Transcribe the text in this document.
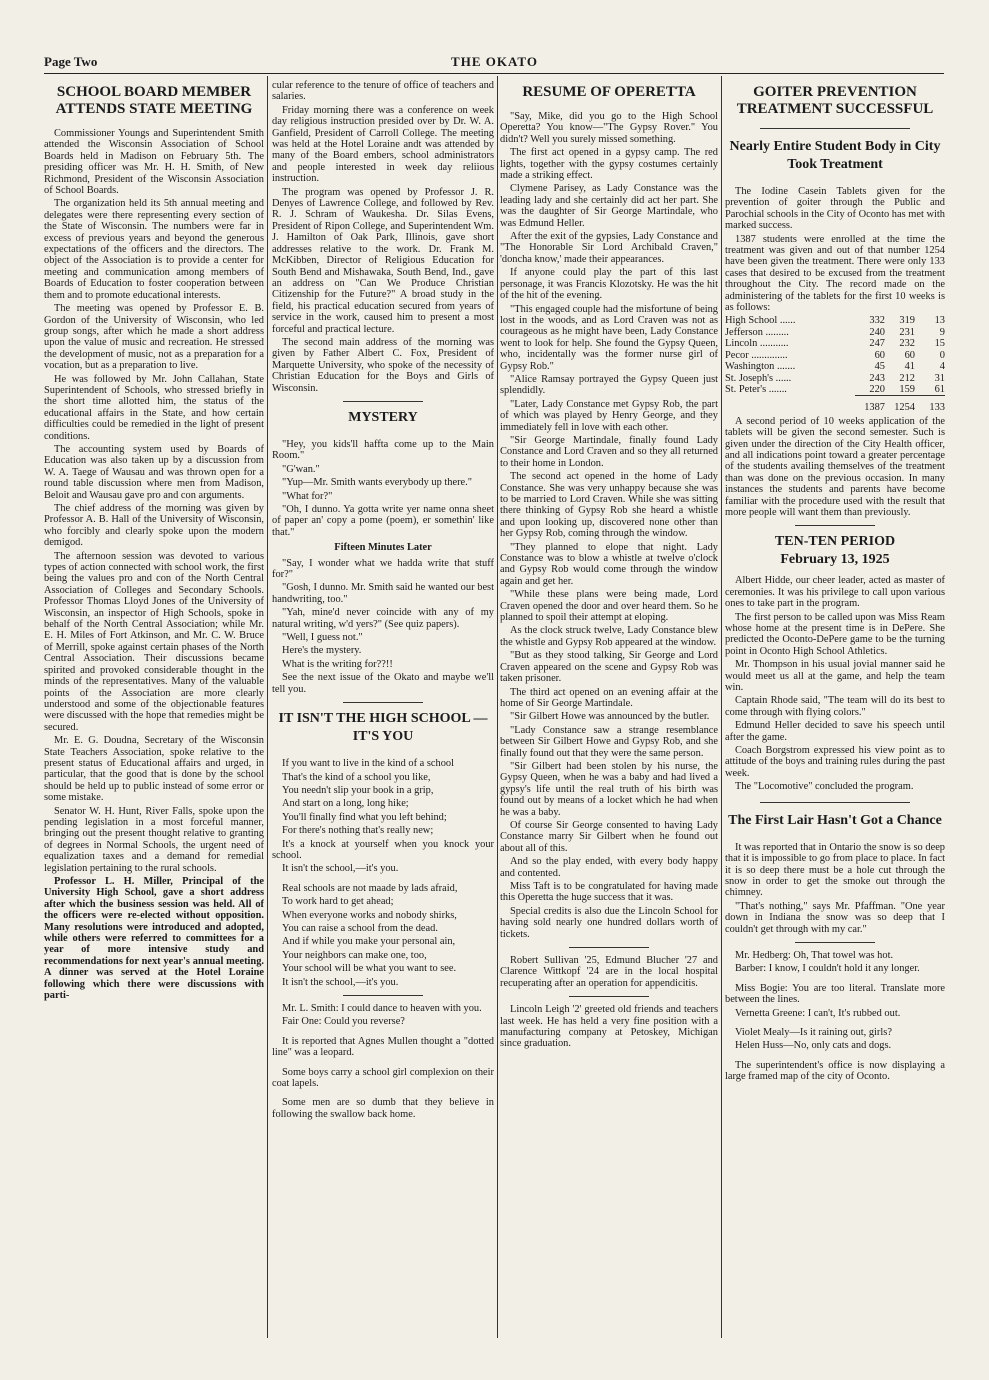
Page Two	THE OKATO
SCHOOL BOARD MEMBER ATTENDS STATE MEETING

Commissioner Youngs and Superintendent Smith attended the Wisconsin Association of School Boards held in Madison on February 5th. The presiding officer was Mr. H. H. Smith, of New Richmond, President of the Wisconsin Association of School Boards.

The organization held its 5th annual meeting and delegates were there representing every section of the State of Wisconsin. The numbers were far in excess of previous years and beyond the generous expectations of the officers and the directors. The object of the Association is to provide a center for meeting and communication among members of Boards of Education to foster cooperation between them and to promote educational interests.

The meeting was opened by Professor E. B. Gordon of the University of Wisconsin, who led group songs, after which he made a short address upon the value of music and recreation. He stressed the development of music, not as a preparation for a vocation, but as a preparation to live.

He was followed by Mr. John Callahan, State Superintendent of Schools, who stressed briefly in the short time allotted him, the status of the educational affairs in the State, and how certain difficulties could be remedied in the light of present conditions.

The accounting system used by Boards of Education was also taken up by a discussion from W. A. Taege of Wausau and was thrown open for a round table discussion where men from Madison, Beloit and Wausau gave pro and con arguments.

The chief address of the morning was given by Professor A. B. Hall of the University of Wisconsin, who forcibly and clearly spoke upon the modern demigod.

The afternoon session was devoted to various types of action connected with school work, the first being the values pro and con of the North Central Association of Colleges and Secondary Schools. Professor Thomas Lloyd Jones of the University of Wisconsin, an inspector of High Schools, spoke in behalf of the North Central Association; while Mr. E. H. Miles of Fort Atkinson, and Mr. C. W. Bruce of Merrill, spoke against certain phases of the North Central Association. Their discussions became spirited and provoked considerable thought in the minds of the representatives. Many of the valuable points of the Association are more clearly understood and some of the objectionable features were discussed with the hope that remedies might be secured.

Mr. E. G. Doudna, Secretary of the Wisconsin State Teachers Association, spoke relative to the present status of Educational affairs and urged, in particular, that the good that is done by the school should be held up to public instead of some error or some mistake.

Senator W. H. Hunt, River Falls, spoke upon the pending legislation in a most forceful manner, bringing out the present thought relative to granting of degrees in Normal Schools, the urgent need of equalization taxes and a demand for remedial legislation pertaining to the rural schools.

Professor L. H. Miller, Principal of the University High School, gave a short address after which the business session was held. All of the officers were re-elected without opposition. Many resolutions were introduced and adopted, while others were referred to committees for a year of more intensive study and recommendations for next year's annual meeting. A dinner was served at the Hotel Loraine following which there were discussions with parti-

cular reference to the tenure of office of teachers and salaries.

Friday morning there was a conference on week day religious instruction presided over by Dr. W. A. Ganfield, President of Carroll College. The meeting was held at the Hotel Loraine andt was attended by many of the Board embers, school administrators and people interested in week day reliious instruction.

The program was opened by Professor J. R. Denyes of Lawrence College, and followed by Rev. R. J. Schram of Waukesha. Dr. Silas Evens, President of Ripon College, and Superintendent Wm. J. Hamilton of Oak Park, Illinois, gave short addresses relative to the work. Dr. Frank M. McKibben, Director of Religious Education for South Bend and Mishawaka, South Bend, Ind., gave an address on "Can We Produce Christian Citizenship for the Future?" A broad study in the field, his practical education secured from years of service in the work, caused him to present a most forceful and practical lecture.

The second main address of the morning was given by Father Albert C. Fox, President of Marquette University, who spoke of the necessity of Christian Education for the Boys and Girls of Wisconsin.

MYSTERY

"Hey, you kids'll haffta come up to the Main Room."

"G'wan."

"Yup—Mr. Smith wants everybody up there."

"What for?"

"Oh, I dunno. Ya gotta write yer name onna sheet of paper an' copy a pome (poem), er somethin' like that."

Fifteen Minutes Later

"Say, I wonder what we hadda write that stuff for?"

"Gosh, I dunno. Mr. Smith said he wanted our best handwriting, too."

"Yah, mine'd never coincide with any of my natural writing, w'd yers?" (See quiz papers).

"Well, I guess not."

Here's the mystery.

What is the writing for??!!

See the next issue of the Okato and maybe we'll tell you.

IT ISN'T THE HIGH SCHOOL —IT'S YOU

If you want to live in the kind of a school

That's the kind of a school you like,

You needn't slip your book in a grip,

And start on a long, long hike;

You'll finally find what you left behind;

For there's nothing that's really new;

It's a knock at yourself when you knock your school.

It isn't the school,—it's you.

Real schools are not maade by lads afraid,

To work hard to get ahead;

When everyone works and nobody shirks,

You can raise a school from the dead.

And if while you make your personal ain,

Your neighbors can make one, too,

Your school will be what you want to see.

It isn't the school,—it's you.

Mr. L. Smith: I could dance to heaven with you.

Fair One: Could you reverse?

It is reported that Agnes Mullen thought a "dotted line" was a leopard.

Some boys carry a school girl complexion on their coat lapels.

Some men are so dumb that they believe in following the swallow back home.

RESUME OF OPERETTA

"Say, Mike, did you go to the High School Operetta? You know—"The Gypsy Rover." You didn't? Well you surely missed something.

The first act opened in a gypsy camp. The red lights, together with the gypsy costumes certainly made a striking effect.

Clymene Parisey, as Lady Constance was the leading lady and she certainly did act her part. She was the daughter of Sir George Martindale, who was Edmund Heller.

After the exit of the gypsies, Lady Constance and "The Honorable Sir Lord Archibald Craven," 'doncha know,' made their appearances.

If anyone could play the part of this last personage, it was Francis Klozotsky. He was the hit of the hit of the evening.

"This engaged couple had the misfortune of being lost in the woods, and as Lord Craven was not as courageous as he might have been, Lady Constance went to look for help. She found the Gypsy Queen, who, incidentally was the former nurse girl of Gypsy Rob."

"Alice Ramsay portrayed the Gypsy Queen just splendidly.

"Later, Lady Constance met Gypsy Rob, the part of which was played by Henry George, and they immediately fell in love with each other.

"Sir George Martindale, finally found Lady Constance and Lord Craven and so they all returned to their home in London.

The second act opened in the home of Lady Constance. She was very unhappy because she was to be married to Lord Craven. While she was sitting there thinking of Gypsy Rob she heard a whistle and upon looking up, discovered none other than her Gypsy Rob, coming through the window.

"They planned to elope that night. Lady Constance was to blow a whistle at twelve o'clock and Gypsy Rob would come through the window again and get her.

"While these plans were being made, Lord Craven opened the door and over heard them. So he planned to spoil their attempt at eloping.

As the clock struck twelve, Lady Constance blew the whistle and Gypsy Rob appeared at the window.

"But as they stood talking, Sir George and Lord Craven appeared on the scene and Gypsy Rob was taken prisoner.

The third act opened on an evening affair at the home of Sir George Martindale.

"Sir Gilbert Howe was announced by the butler.

"Lady Constance saw a strange resemblance between Sir Gilbert Howe and Gypsy Rob, and she finally found out that they were the same person.

"Sir Gilbert had been stolen by his nurse, the Gypsy Queen, when he was a baby and had lived a gypsy's life until the real truth of his birth was found out by means of a locket which he had when he was a baby.

Of course Sir George consented to having Lady Constance marry Sir Gilbert when he found out about all of this.

And so the play ended, with every body happy and contented.

Miss Taft is to be congratulated for having made this Operetta the huge success that it was.

Special credits is also due the Lincoln School for having sold nearly one hundred dollars worth of tickets.

Robert Sullivan '25, Edmund Blucher '27 and Clarence Wittkopf '24 are in the local hospital recuperating after an operation for appendicitis.

Lincoln Leigh '2' greeted old friends and teachers last week. He has held a very fine position with a manufacturing company at Petoskey, Michigan since graduation.

GOITER PREVENTION TREATMENT SUCCESSFUL
Nearly Entire Student Body in City Took Treatment

The Iodine Casein Tablets given for the prevention of goiter through the Public and Parochial schools in the City of Oconto has met with marked success.

1387 students were enrolled at the time the treatment was given and out of that number 1254 have been given the treatment. There were only 133 cases that desired to be excused from the treatment throughout the City. The record made on the administering of the tablets for the first 10 weeks is as follows:

High School ......	332	319	13
Jefferson .........	240	231	9
Lincoln ...........	247	232	15
Pecor ..............	60	60	0
Washington .......	45	41	4
St. Joseph's ......	243	212	31
St. Peter's .......	220	159	61
	1387	1254	133

A second period of 10 weeks application of the tablets will be given the second semester. Such is given under the direction of the City Health officer, and all indications point toward a greater percentage of the students availing themselves of the treatment than was done on the previous occasion. In many instances the students and parents have become familiar with the procedure used with the result that more people will want them than previously.

TEN-TEN PERIOD
February 13, 1925

Albert Hidde, our cheer leader, acted as master of ceremonies. It was his privilege to call upon various ones to take part in the program.

The first person to be called upon was Miss Ream whose home at the present time is in DePere. She predicted the Oconto-DePere game to be the turning point in Oconto High School Athletics.

Mr. Thompson in his usual jovial manner said he would meet us all at the game, and help the team win.

Captain Rhode said, "The team will do its best to come through with flying colors."

Edmund Heller decided to save his speech until after the game.

Coach Borgstrom expressed his view point as to attitude of the boys and training rules during the past week.

The "Locomotive" concluded the program.

The First Lair Hasn't Got a Chance

It was reported that in Ontario the snow is so deep that it is impossible to go from place to place. In fact it is so deep there must be a hole cut through the snow in order to get the smoke out through the chimney.

"That's nothing," says Mr. Pfaffman. "One year down in Indiana the snow was so deep that I couldn't get through with my car."

Mr. Hedberg: Oh, That towel was hot.

Barber: I know, I couldn't hold it any longer.

Miss Bogie: You are too literal. Translate more between the lines.

Vernetta Greene: I can't, It's rubbed out.

Violet Mealy—Is it raining out, girls?

Helen Huss—No, only cats and dogs.

The superintendent's office is now displaying a large framed map of the city of Oconto.
